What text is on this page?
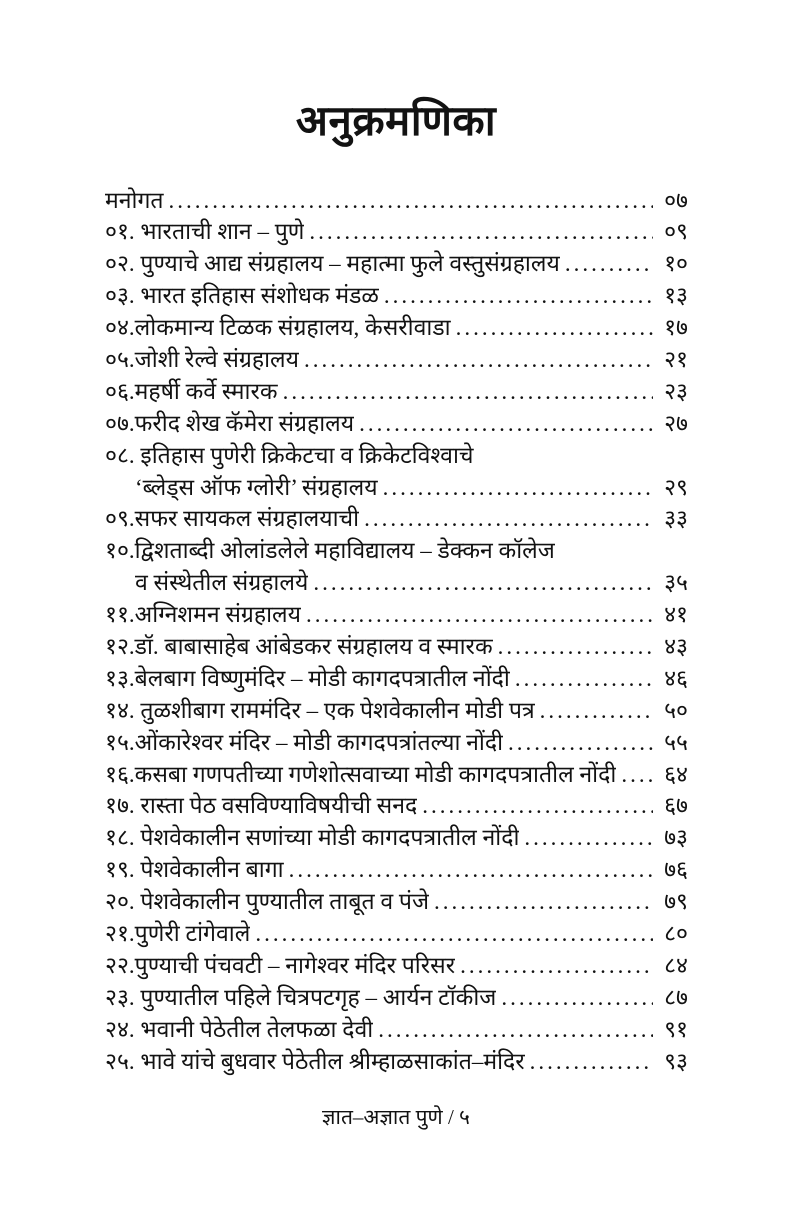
अनुक्रमणिका
मनोगत .....	०७
०१. भारताची शान – पुणे .....	०९
०२. पुण्याचे आद्य संग्रहालय – महात्मा फुले वस्तुसंग्रहालय .....	१०
०३. भारत इतिहास संशोधक मंडळ .....	१३
०४.लोकमान्य टिळक संग्रहालय, केसरीवाडा .....	१७
०५.जोशी रेल्वे संग्रहालय .....	२१
०६.महर्षी कर्वे स्मारक .....	२३
०७.फरीद शेख कॅमेरा संग्रहालय .....	२७
०८. इतिहास पुणेरी क्रिकेटचा व क्रिकेटविश्वाचे
‘ब्लेड्स ऑफ ग्लोरी’ संग्रहालय .....	२९
०९.सफर सायकल संग्रहालयाची .....	३३
१०.द्विशताब्दी ओलांडलेले महाविद्यालय – डेक्कन कॉलेज
व संस्थेतील संग्रहालये .....	३५
११.अग्निशमन संग्रहालय .....	४१
१२.डॉ. बाबासाहेब आंबेडकर संग्रहालय व स्मारक .....	४३
१३.बेलबाग विष्णुमंदिर – मोडी कागदपत्रातील नोंदी .....	४६
१४. तुळशीबाग राममंदिर – एक पेशवेकालीन मोडी पत्र .....	५०
१५.ओंकारेश्वर मंदिर – मोडी कागदपत्रांतल्या नोंदी .....	५५
१६.कसबा गणपतीच्या गणेशोत्सवाच्या मोडी कागदपत्रातील नोंदी ..... ६४
१७. रास्ता पेठ वसविण्याविषयीची सनद .....	६७
१८. पेशवेकालीन सणांच्या मोडी कागदपत्रातील नोंदी .....	७३
१९. पेशवेकालीन बागा .....	७६
२०. पेशवेकालीन पुण्यातील ताबूत व पंजे .....	७९
२१.पुणेरी टांगेवाले .....	८०
२२.पुण्याची पंचवटी – नागेश्वर मंदिर परिसर .....	८४
२३. पुण्यातील पहिले चित्रपटगृह – आर्यन टॉकीज .....	८७
२४. भवानी पेठेतील तेलफळा देवी .....	९१
२५. भावे यांचे बुधवार पेठेतील श्रीम्हाळसाकांत–मंदिर .....	९३
ज्ञात–अज्ञात पुणे / ५
